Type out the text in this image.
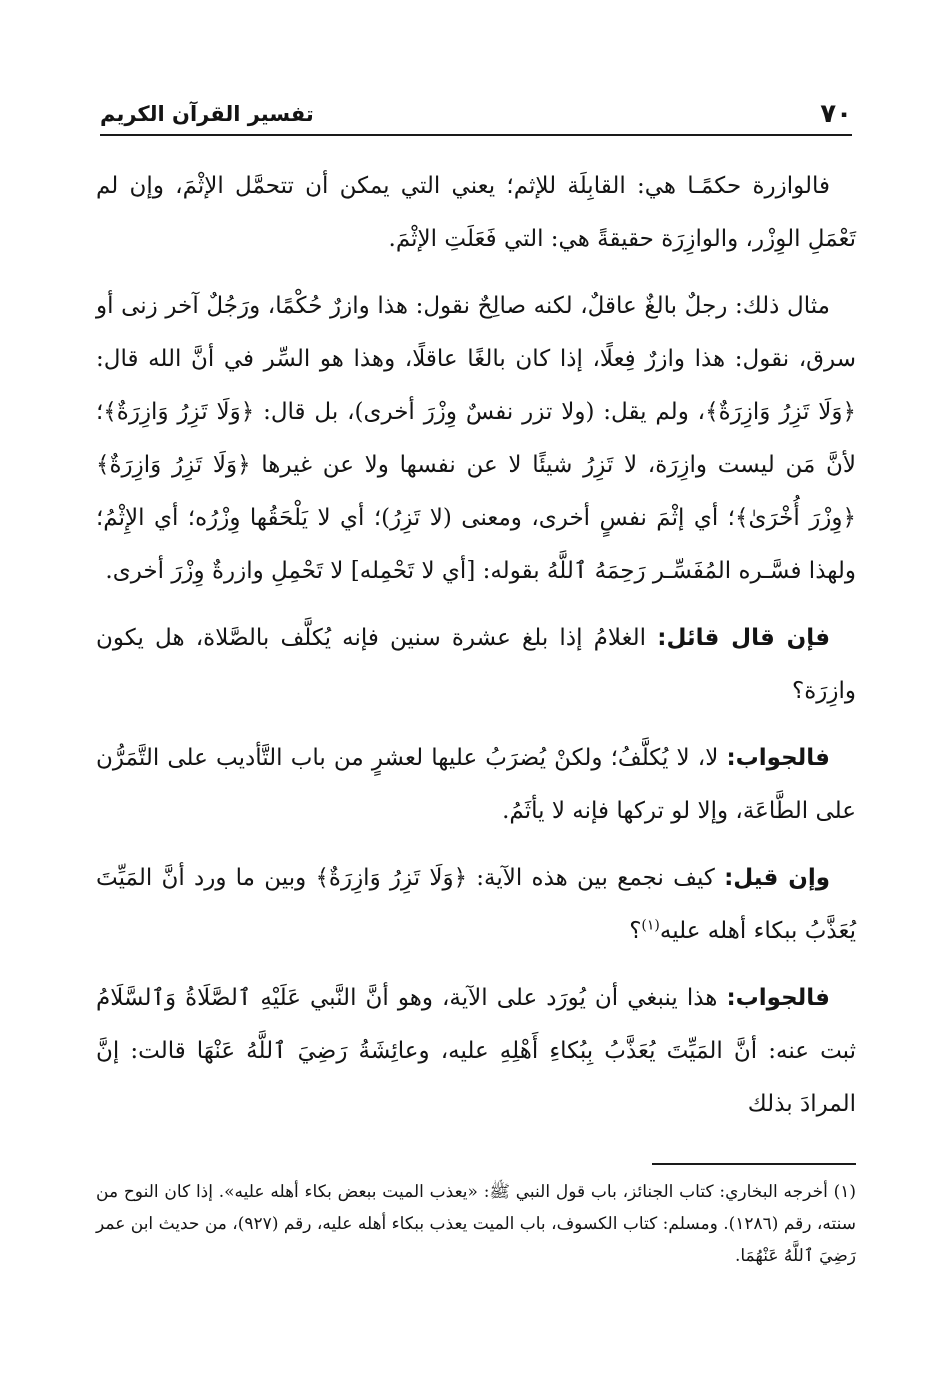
٧٠
تفسير القرآن الكريم

فالوازرة حكمًـا هي: القابِلَة للإثم؛ يعني التي يمكن أن تتحمَّل الإثْمَ، وإن لم تَعْمَلِ الوِزْر، والوازِرَة حقيقةً هي: التي فَعَلَتِ الإثْمَ.

مثال ذلك: رجلٌ بالغٌ عاقلٌ، لكنه صالِحٌ نقول: هذا وازرٌ حُكْمًا، ورَجُلٌ آخر زنى أو سرق، نقول: هذا وازرٌ فِعلًا، إذا كان بالغًا عاقلًا، وهذا هو السِّر في أنَّ الله قال: ﴿وَلَا تَزِرُ وَازِرَةٌ﴾، ولم يقل: (ولا تزر نفسٌ وِزْرَ أخرى)، بل قال: ﴿وَلَا تَزِرُ وَازِرَةٌ﴾؛ لأنَّ مَن ليست وازِرَة، لا تَزِرُ شيئًا لا عن نفسها ولا عن غيرها ﴿وَلَا تَزِرُ وَازِرَةٌ﴾ ﴿وِزْرَ أُخْرَىٰ﴾؛ أي إثْمَ نفسٍ أخرى، ومعنى (لا تَزِرُ)؛ أي لا يَلْحَقُها وِزْرُه؛ أي الإِثْمُ؛ ولهذا فسَّـره المُفَسِّـر رَحِمَهُ ٱللَّهُ بقوله: [أي لا تَحْمِله] لا تَحْمِلِ وازرةٌ وِزْرَ أخرى.

فإن قال قائل: الغلامُ إذا بلغ عشرة سنين فإنه يُكلَّف بالصَّلاة، هل يكون وازِرَة؟

فالجواب: لا، لا يُكلَّفُ؛ ولكنْ يُضرَبُ عليها لعشرٍ من باب التَّأديب على التَّمَرُّن على الطَّاعَة، وإلا لو تركها فإنه لا يأثَمُ.

وإن قيل: كيف نجمع بين هذه الآية: ﴿وَلَا تَزِرُ وَازِرَةٌ﴾ وبين ما ورد أنَّ المَيِّتَ يُعَذَّبُ ببكاء أهله عليه$^{(١)}$؟

فالجواب: هذا ينبغي أن يُورَد على الآية، وهو أنَّ النَّبي عَلَيْهِ ٱلصَّلَاةُ وَٱلسَّلَامُ ثبت عنه: أنَّ المَيِّتَ يُعَذَّبُ بِبُكاءِ أَهْلِهِ عليه، وعائِشَةُ رَضِيَ ٱللَّهُ عَنْهَا قالت: إنَّ المرادَ بذلك

(١) أخرجه البخاري: كتاب الجنائز، باب قول النبي ﷺ: «يعذب الميت ببعض بكاء أهله عليه». إذا كان النوح من سنته، رقم (١٢٨٦). ومسلم: كتاب الكسوف، باب الميت يعذب ببكاء أهله عليه، رقم (٩٢٧)، من حديث ابن عمر رَضِيَ ٱللَّهُ عَنْهُمَا.
